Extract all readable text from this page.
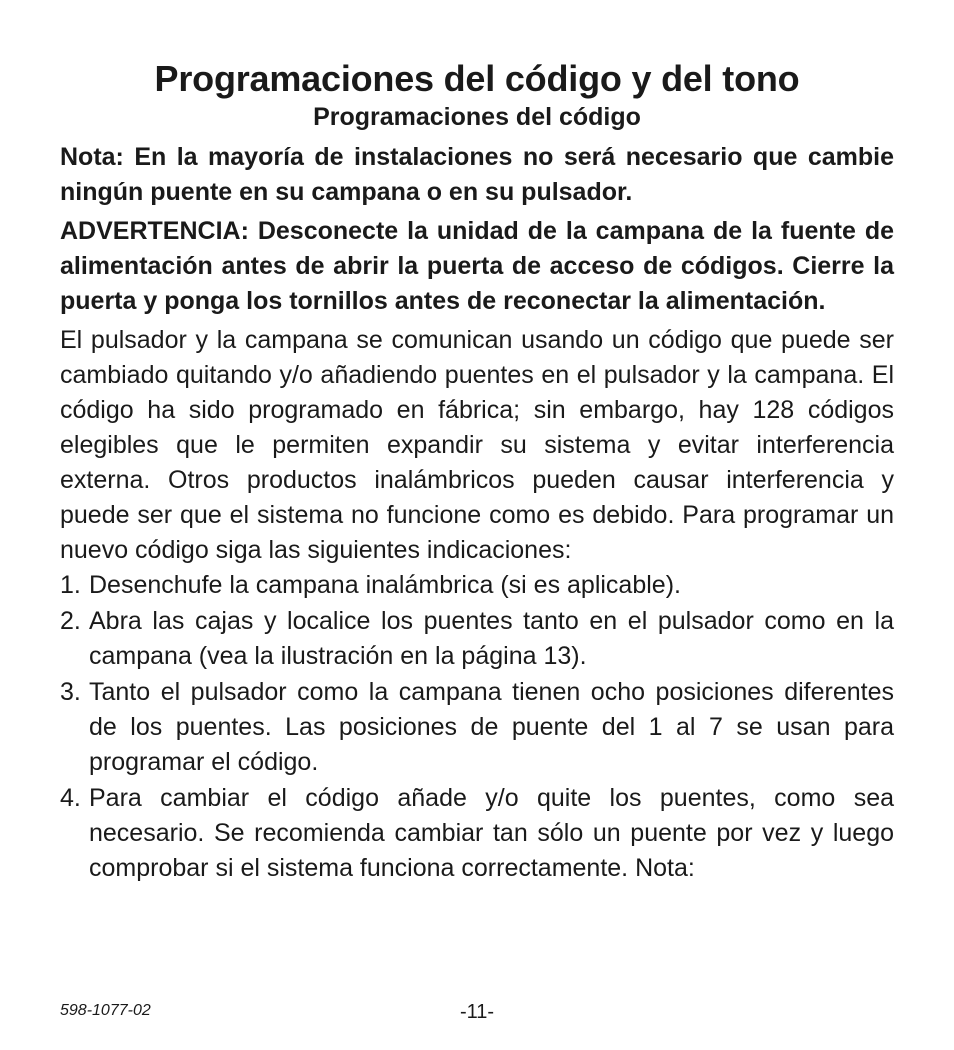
Programaciones del código y del tono
Programaciones del código

Nota: En la mayoría de instalaciones no será necesario que cambie ningún puente en su campana o en su pulsador.

ADVERTENCIA: Desconecte la unidad de la campana de la fuente de alimentación antes de abrir la puerta de acceso de códigos. Cierre la puerta y ponga los tornillos antes de reconectar la alimentación.

El pulsador y la campana se comunican usando un código que puede ser cambiado quitando y/o añadiendo puentes en el pulsador y la campana. El código ha sido programado en fábrica; sin embargo, hay 128 códigos elegibles que le permiten expandir su sistema y evitar interferencia externa. Otros productos inalámbricos pueden causar interferencia y puede ser que el sistema no funcione como es debido. Para programar un nuevo código siga las siguientes indicaciones:

1. Desenchufe la campana inalámbrica (si es aplicable).
2. Abra las cajas y localice los puentes tanto en el pulsador como en la campana (vea la ilustración en la página 13).
3. Tanto el pulsador como la campana tienen ocho posiciones diferentes de los puentes. Las posiciones de puente del 1 al 7 se usan para programar el código.
4. Para cambiar el código añade y/o quite los puentes, como sea necesario. Se recomienda cambiar tan sólo un puente por vez y luego comprobar si el sistema funciona correctamente. Nota:
598-1077-02	-11-
